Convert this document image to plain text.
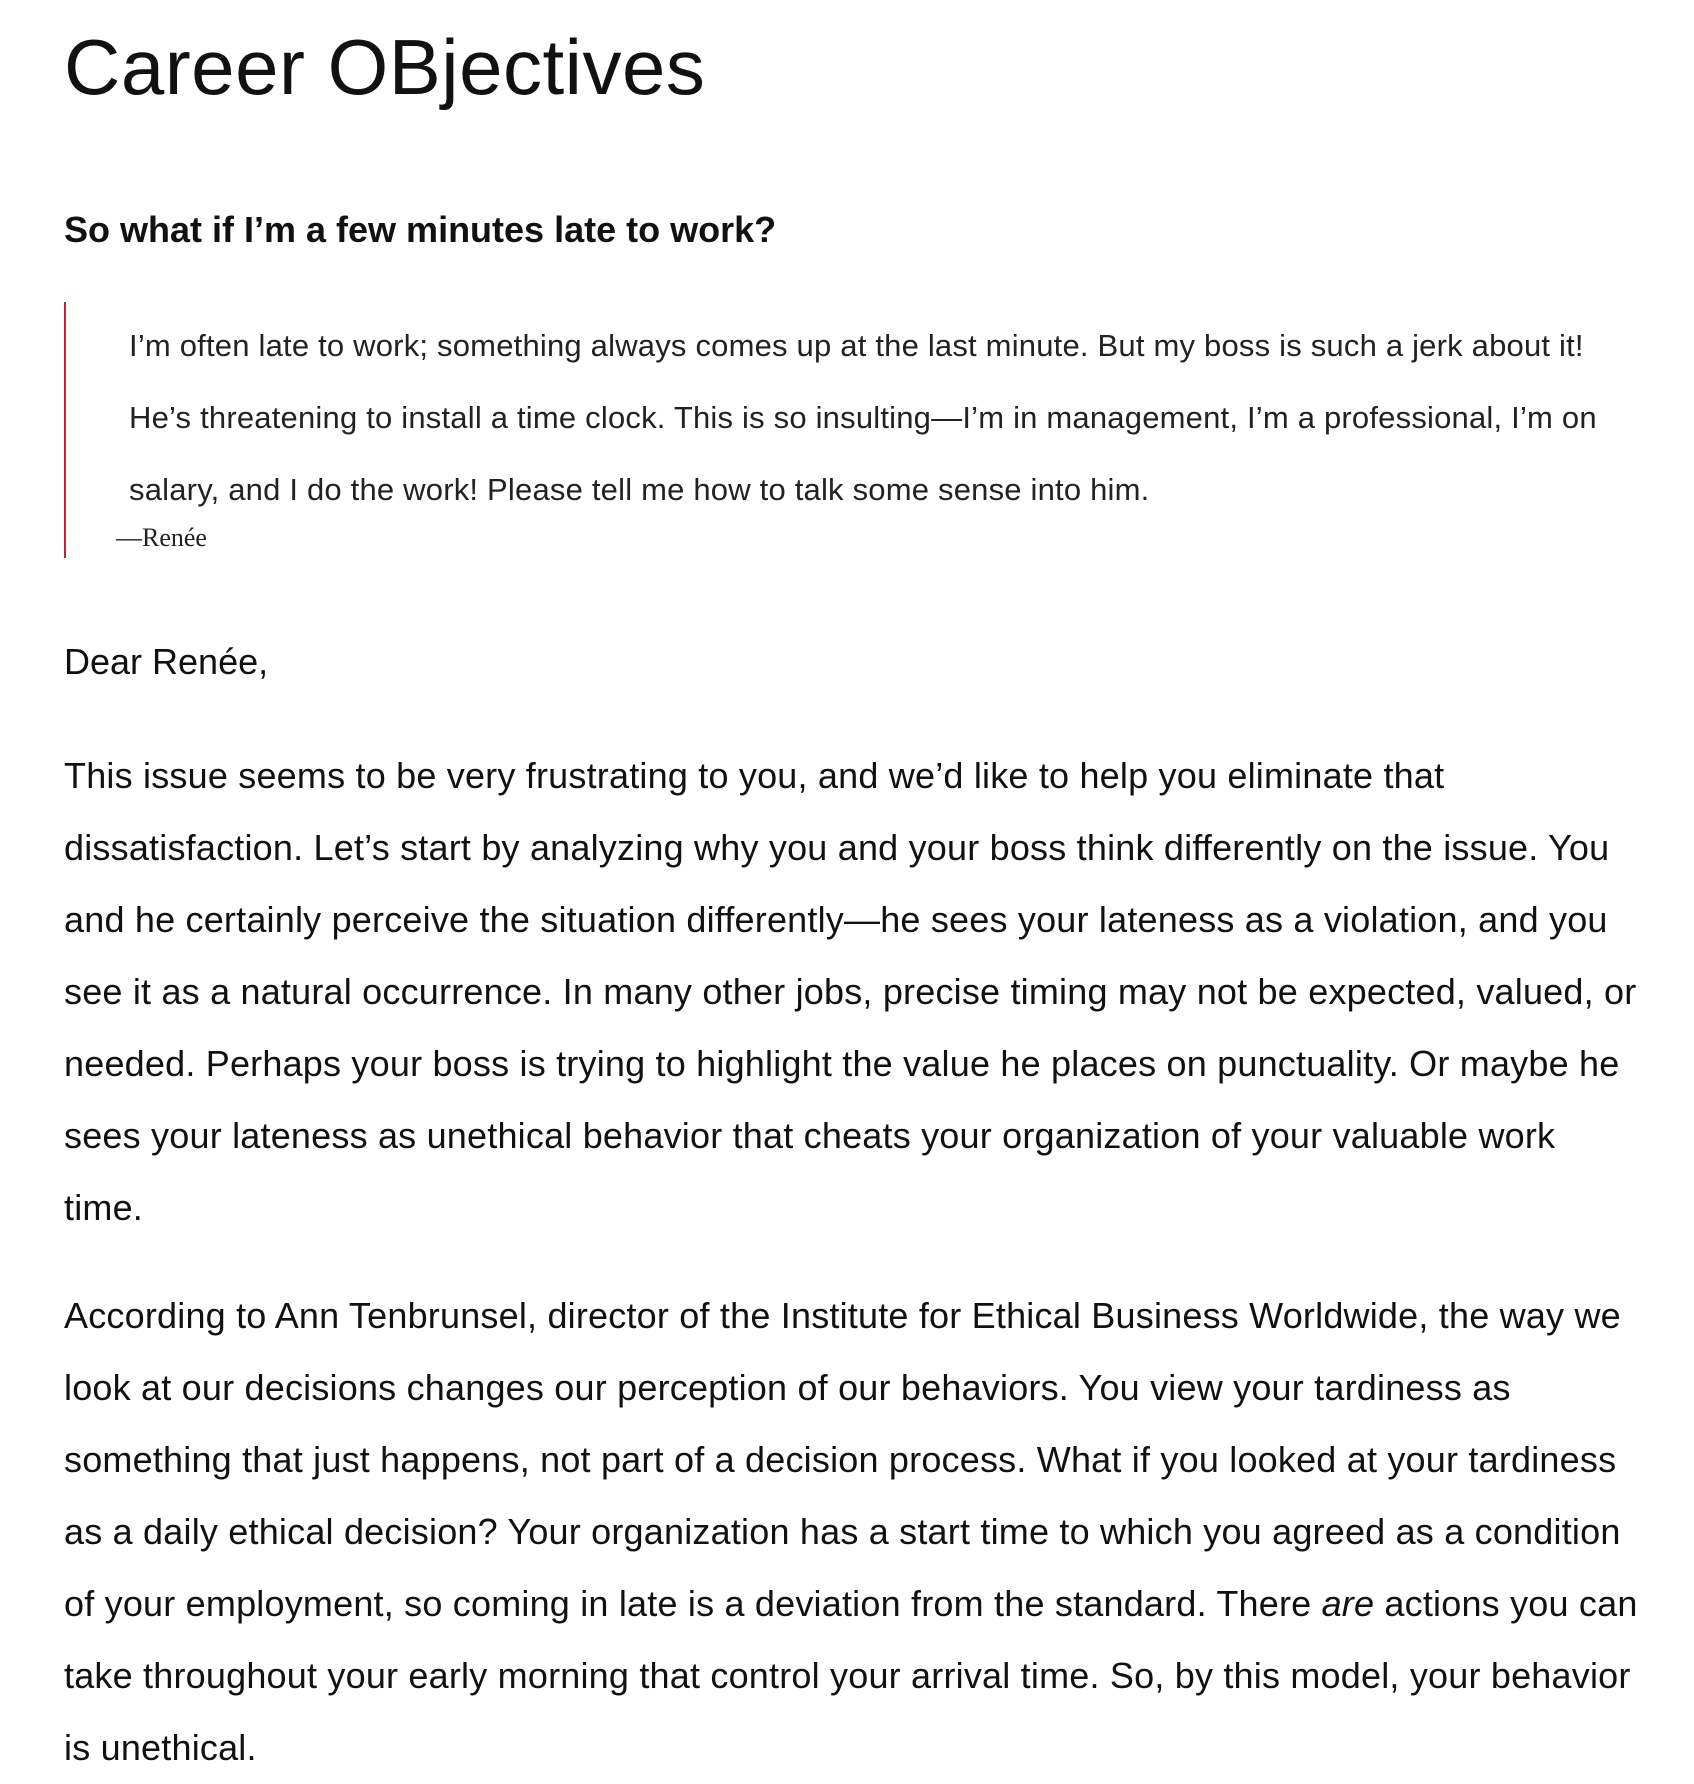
Career OBjectives
So what if I’m a few minutes late to work?

I’m often late to work; something always comes up at the last minute. But my boss is such a jerk about it! He’s threatening to install a time clock. This is so insulting—I’m in management, I’m a professional, I’m on salary, and I do the work! Please tell me how to talk some sense into him.

—Renée

Dear Renée,

This issue seems to be very frustrating to you, and we’d like to help you eliminate that dissatisfaction. Let’s start by analyzing why you and your boss think differently on the issue. You and he certainly perceive the situation differently—he sees your lateness as a violation, and you see it as a natural occurrence. In many other jobs, precise timing may not be expected, valued, or needed. Perhaps your boss is trying to highlight the value he places on punctuality. Or maybe he sees your lateness as unethical behavior that cheats your organization of your valuable work time.

According to Ann Tenbrunsel, director of the Institute for Ethical Business Worldwide, the way we look at our decisions changes our perception of our behaviors. You view your tardiness as something that just happens, not part of a decision process. What if you looked at your tardiness as a daily ethical decision? Your organization has a start time to which you agreed as a condition of your employment, so coming in late is a deviation from the standard. There are actions you can take throughout your early morning that control your arrival time. So, by this model, your behavior is unethical.
